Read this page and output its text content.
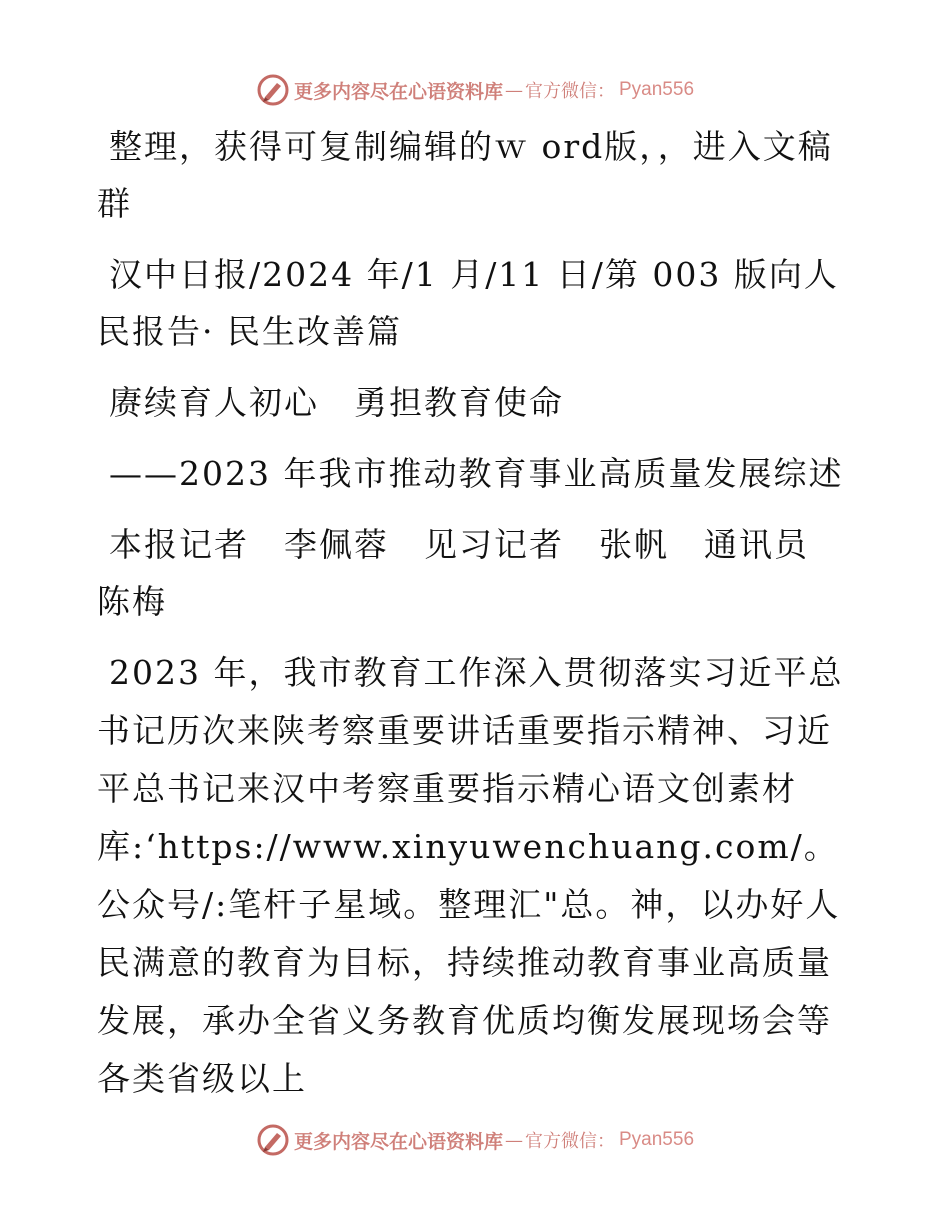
更多内容尽在心语资料库 — 官方微信： Pyan556

整理，获得可复制编辑的ｗ ord版，，进入文稿群

汉中日报/2024 年/1 月/11 日/第 003 版向人民报告· 民生改善篇

赓续育人初心　勇担教育使命

——2023 年我市推动教育事业高质量发展综述

本报记者　李佩蓉　见习记者　张帆　通讯员　陈梅

2023 年，我市教育工作深入贯彻落实习近平总书记历次来陕考察重要讲话重要指示精神、习近平总书记来汉中考察重要指示精心语文创素材库:‘https://www.xinyuwenchuang.com/。公众号/:笔杆子星域。整理汇"总。神，以办好人民满意的教育为目标，持续推动教育事业高质量发展，承办全省义务教育优质均衡发展现场会等各类省级以上

更多内容尽在心语资料库 — 官方微信： Pyan556
